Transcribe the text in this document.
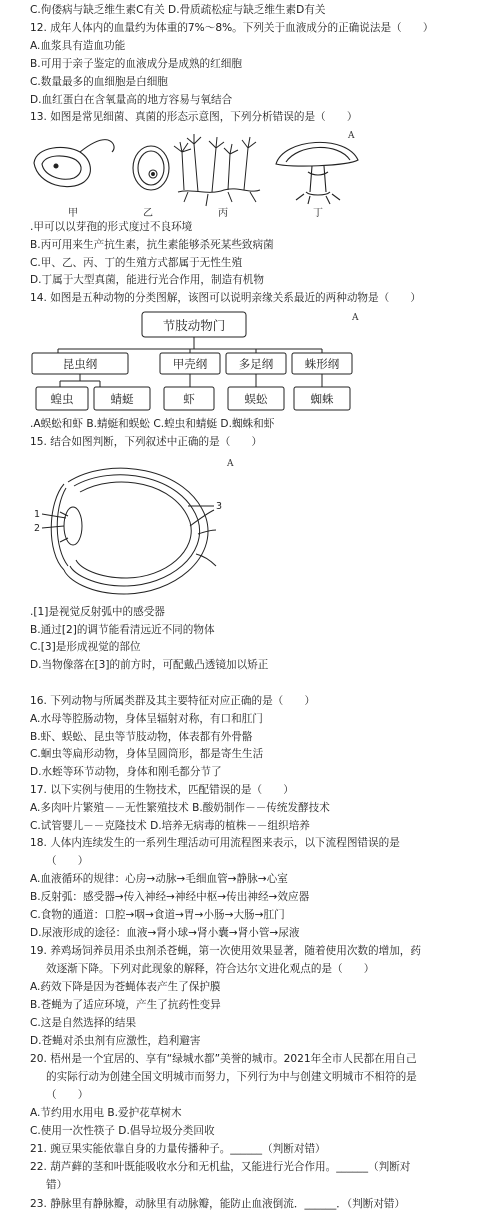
C.佝偻病与缺乏维生素C有关 D.骨质疏松症与缺乏维生素D有关
12. 成年人体内的血量约为体重的7%～8%。下列关于血液成分的正确说法是（　　）
A.血浆具有造血功能
B.可用于亲子鉴定的血液成分是成熟的红细胞
C.数量最多的血细胞是白细胞
D.血红蛋白在含氧量高的地方容易与氧结合
13. 如图是常见细菌、真菌的形态示意图，下列分析错误的是（　　）
A
甲	乙	丙	丁
.甲可以以芽孢的形式度过不良环境
B.丙可用来生产抗生素，抗生素能够杀死某些致病菌
C.甲、乙、丙、丁的生殖方式都属于无性生殖
D.丁属于大型真菌，能进行光合作用，制造有机物
14. 如图是五种动物的分类图解，该图可以说明亲缘关系最近的两种动物是（　　）
A
节肢动物门
昆虫纲	甲壳纲	多足纲	蛛形纲
蝗虫	蜻蜓	虾	蜈蚣	蜘蛛
.A蜈蚣和虾 B.蜻蜓和蜈蚣 C.蝗虫和蜻蜓 D.蜘蛛和虾
15. 结合如图判断，下列叙述中正确的是（　　）
A
1
2
3
.[1]是视觉反射弧中的感受器
B.通过[2]的调节能看清远近不同的物体
C.[3]是形成视觉的部位
D.当物像落在[3]的前方时，可配戴凸透镜加以矫正
16. 下列动物与所属类群及其主要特征对应正确的是（　　）
A.水母等腔肠动物，身体呈辐射对称，有口和肛门
B.虾、蜈蚣、昆虫等节肢动物，体表都有外骨骼
C.蛔虫等扁形动物，身体呈圆筒形，都是寄生生活
D.水蛭等环节动物，身体和刚毛都分节了
17. 以下实例与使用的生物技术，匹配错误的是（　　）
A.多肉叶片繁殖－－无性繁殖技术 B.酸奶制作－－传统发酵技术
C.试管婴儿－－克隆技术 D.培养无病毒的植株－－组织培养
18. 人体内连续发生的一系列生理活动可用流程图来表示，以下流程图错误的是
（　　）
A.血液循环的规律：心房→动脉→毛细血管→静脉→心室
B.反射弧：感受器→传入神经→神经中枢→传出神经→效应器
C.食物的通道：口腔→咽→食道→胃→小肠→大肠→肛门
D.尿液形成的途径：血液→肾小球→肾小囊→肾小管→尿液
19. 养鸡场饲养员用杀虫剂杀苍蝇，第一次使用效果显著，随着使用次数的增加，药
效逐渐下降。下列对此现象的解释，符合达尔文进化观点的是（　　）
A.药效下降是因为苍蝇体表产生了保护膜
B.苍蝇为了适应环境，产生了抗药性变异
C.这是自然选择的结果
D.苍蝇对杀虫剂有应激性，趋利避害
20. 梧州是一个宜居的、享有“绿城水都”美誉的城市。2021年全市人民都在用自己
的实际行动为创建全国文明城市而努力，下列行为中与创建文明城市不相符的是
（　　）
A.节约用水用电 B.爱护花草树木
C.使用一次性筷子 D.倡导垃圾分类回收
21. 豌豆果实能依靠自身的力量传播种子。______（判断对错）
22. 葫芦藓的茎和叶既能吸收水分和无机盐，又能进行光合作用。______（判断对
错）
23. 静脉里有静脉瓣，动脉里有动脉瓣，能防止血液倒流．______．（判断对错）
